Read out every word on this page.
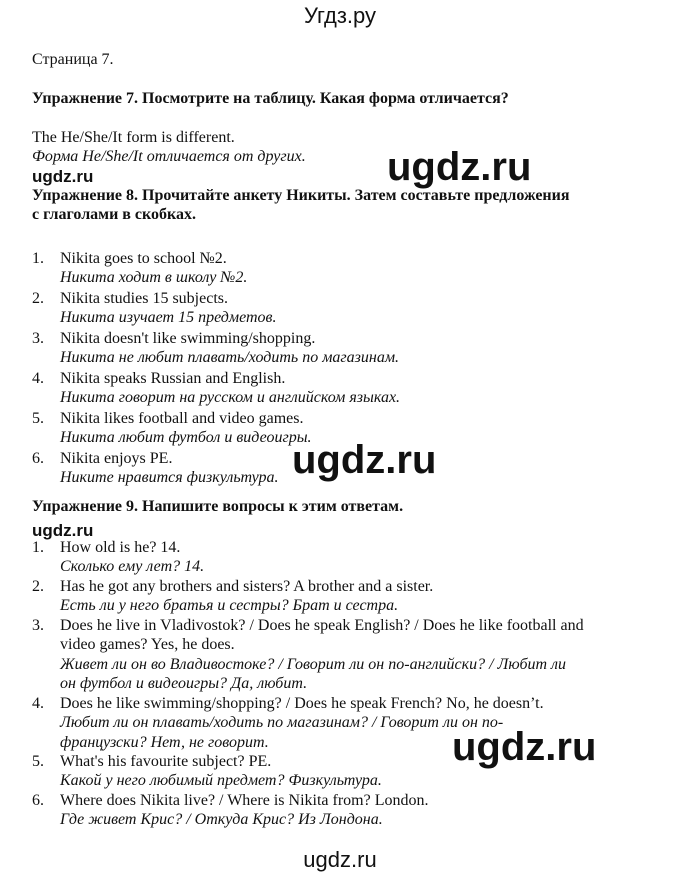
Угдз.ру
Страница 7.
Упражнение 7. Посмотрите на таблицу. Какая форма отличается?
The He/She/It form is different.
Форма He/She/It отличается от других. ugdz.ru
ugdz.ru
Упражнение 8. Прочитайте анкету Никиты. Затем составьте предложения
с глаголами в скобках.
1. Nikita goes to school №2.
Никита ходит в школу №2.
2. Nikita studies 15 subjects.
Никита изучает 15 предметов.
3. Nikita doesn't like swimming/shopping.
Никита не любит плавать/ходить по магазинам.
4. Nikita speaks Russian and English.
Никита говорит на русском и английском языках.
5. Nikita likes football and video games.
Никита любит футбол и видеоигры.
6. Nikita enjoys PE.
Никите нравится физкультура. ugdz.ru
Упражнение 9. Напишите вопросы к этим ответам.
ugdz.ru
1. How old is he? 14.
Сколько ему лет? 14.
2. Has he got any brothers and sisters? A brother and a sister.
Есть ли у него братья и сестры? Брат и сестра.
3. Does he live in Vladivostok? / Does he speak English? / Does he like football and
video games? Yes, he does.
Живет ли он во Владивостоке? / Говорит ли он по-английски? / Любит ли
он футбол и видеоигры? Да, любит.
4. Does he like swimming/shopping? / Does he speak French? No, he doesn’t.
Любит ли он плавать/ходить по магазинам? / Говорит ли он по-
французски? Нет, не говорит.
5. What's his favourite subject? PE.
Какой у него любимый предмет? Физкультура.
6. Where does Nikita live? / Where is Nikita from? London.
Где живет Крис? / Откуда Крис? Из Лондона.
ugdz.ru
ugdz.ru
